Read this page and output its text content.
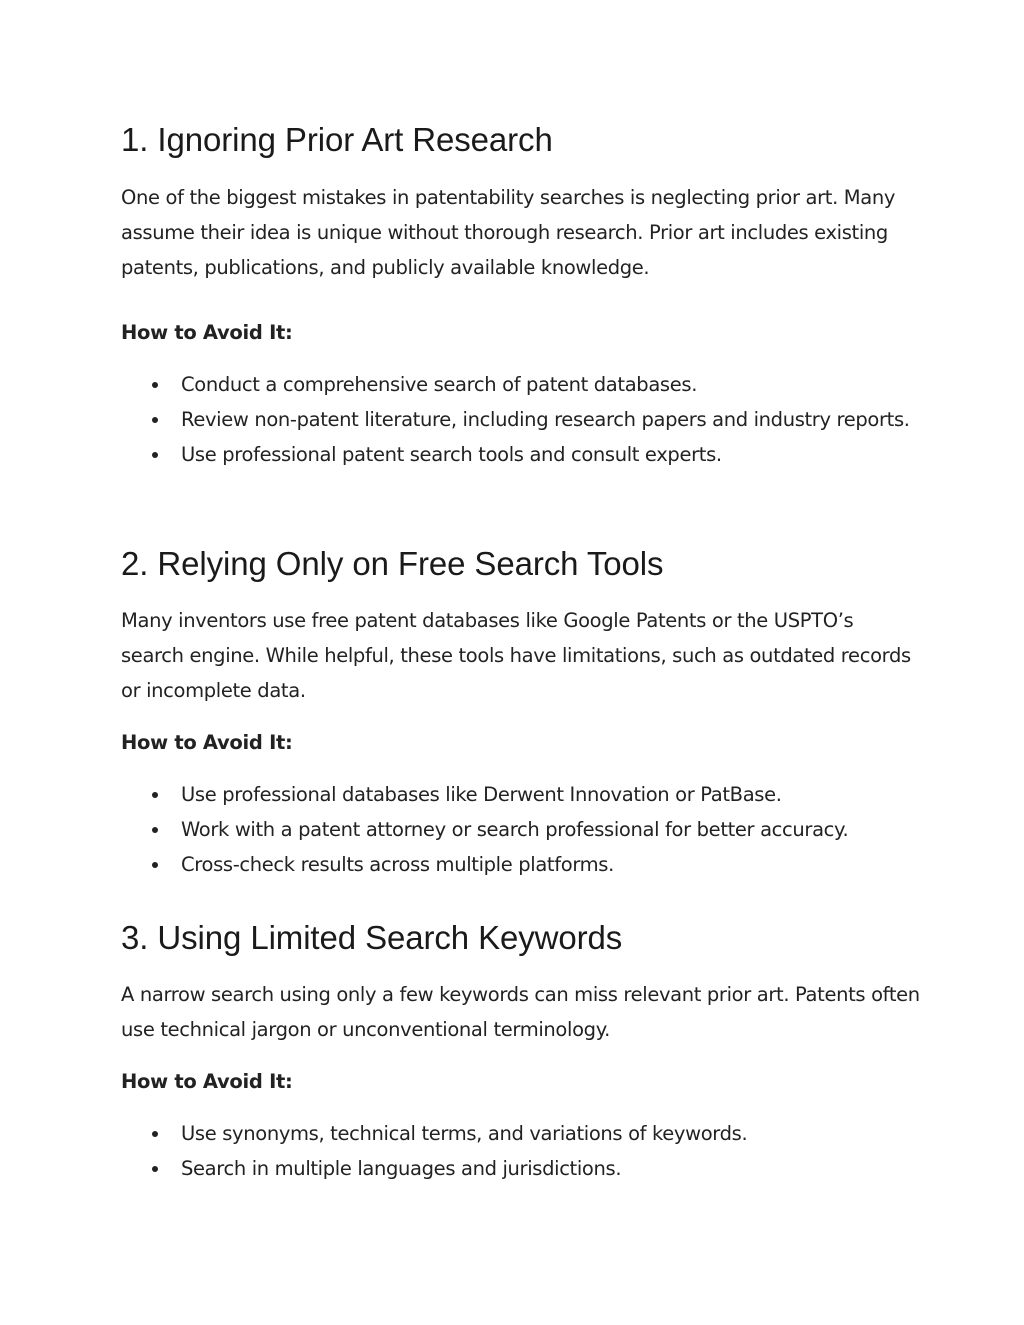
1. Ignoring Prior Art Research

One of the biggest mistakes in patentability searches is neglecting prior art. Many assume their idea is unique without thorough research. Prior art includes existing patents, publications, and publicly available knowledge.

How to Avoid It:
Conduct a comprehensive search of patent databases.
Review non-patent literature, including research papers and industry reports.
Use professional patent search tools and consult experts.
2. Relying Only on Free Search Tools

Many inventors use free patent databases like Google Patents or the USPTO’s search engine. While helpful, these tools have limitations, such as outdated records or incomplete data.

How to Avoid It:
Use professional databases like Derwent Innovation or PatBase.
Work with a patent attorney or search professional for better accuracy.
Cross-check results across multiple platforms.
3. Using Limited Search Keywords

A narrow search using only a few keywords can miss relevant prior art. Patents often use technical jargon or unconventional terminology.

How to Avoid It:
Use synonyms, technical terms, and variations of keywords.
Search in multiple languages and jurisdictions.
